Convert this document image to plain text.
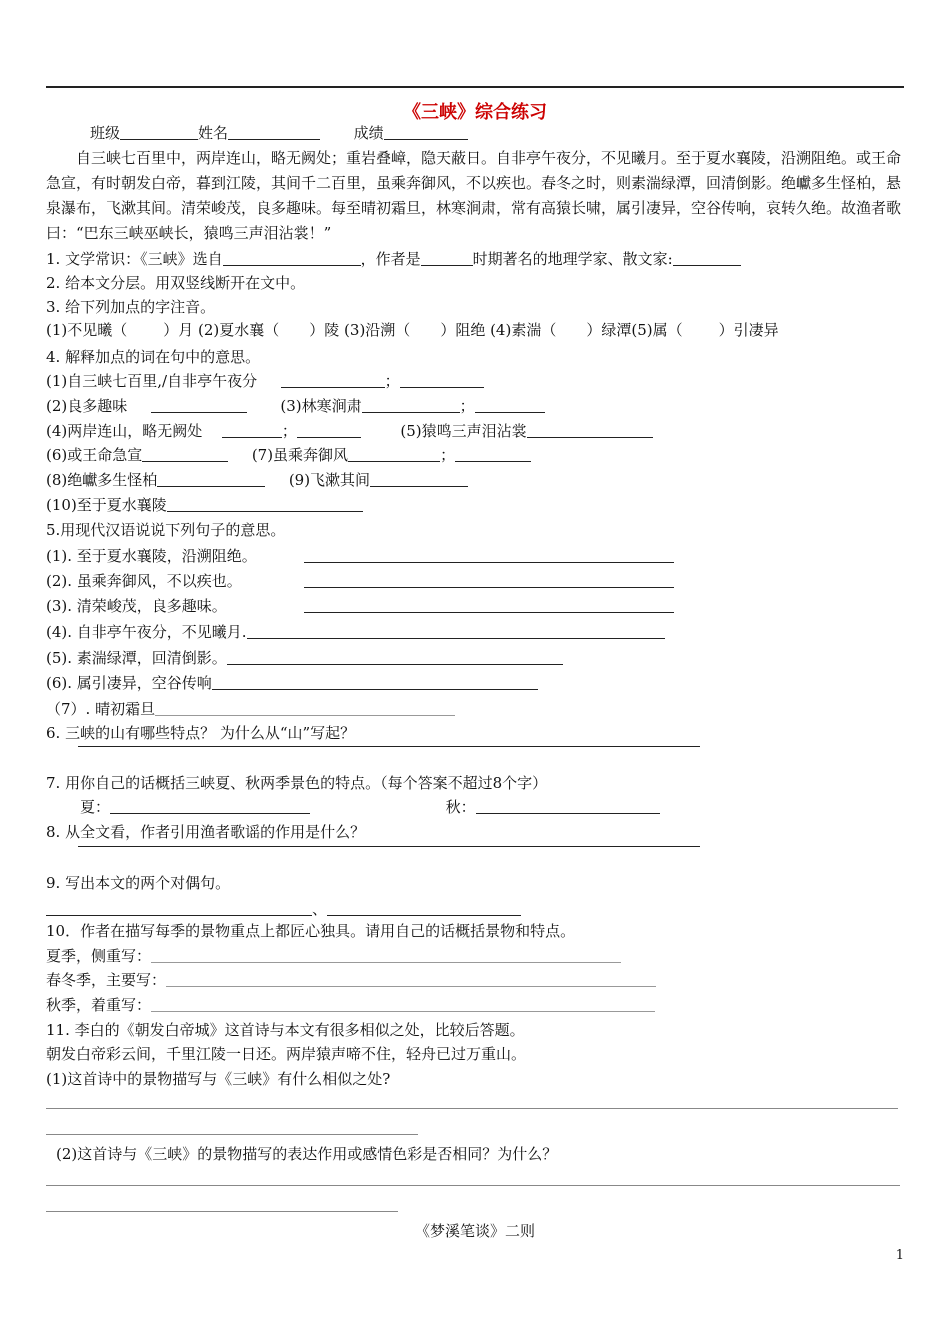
《三峡》综合练习
班级	姓名	成绩
自三峡七百里中，两岸连山，略无阙处；重岩叠嶂，隐天蔽日。自非亭午夜分，不见曦月。至于夏水襄陵，沿溯阻绝。或王命急宣，有时朝发白帝，暮到江陵，其间千二百里，虽乘奔御风，不以疾也。春冬之时，则素湍绿潭，回清倒影。绝巘多生怪柏，悬泉瀑布，飞漱其间。清荣峻茂，良多趣味。每至晴初霜旦，林寒涧肃，常有高猿长啸，属引凄异，空谷传响，哀转久绝。故渔者歌曰：“巴东三峡巫峡长，猿鸣三声泪沾裳！”
1. 文学常识：《三峡》选自	，作者是	时期著名的地理学家、散文家:
2. 给本文分层。用双竖线断开在文中。
3. 给下列加点的字注音。
(1)不见曦（ ）月 (2)夏水襄（ ）陵 (3)沿溯（ ）阻绝 (4)素湍（ ）绿潭(5)属（ ）引凄异
4. 解释加点的词在句中的意思。
(1)自三峡七百里,/自非亭午夜分	；
(2)良多趣味	(3)林寒涧肃	；
(4)两岸连山，略无阙处	；	(5)猿鸣三声泪沾裳
(6)或王命急宣	(7)虽乘奔御风	；
(8)绝巘多生怪柏	(9)飞漱其间
(10)至于夏水襄陵
5.用现代汉语说说下列句子的意思。
(1). 至于夏水襄陵，沿溯阻绝。
(2). 虽乘奔御风，不以疾也。
(3). 清荣峻茂，良多趣味。
(4). 自非亭午夜分，不见曦月.
(5). 素湍绿潭，回清倒影。
(6). 属引凄异，空谷传响
（7）. 晴初霜旦
6. 三峡的山有哪些特点？ 为什么从“山”写起？
7. 用你自己的话概括三峡夏、秋两季景色的特点。（每个答案不超过8个字）
夏：	秋：
8. 从全文看，作者引用渔者歌谣的作用是什么？
9. 写出本文的两个对偶句。
、
10．作者在描写每季的景物重点上都匠心独具。请用自己的话概括景物和特点。
夏季，侧重写：
春冬季，主要写：
秋季，着重写：
11. 李白的《朝发白帝城》这首诗与本文有很多相似之处，比较后答题。
朝发白帝彩云间，千里江陵一日还。两岸猿声啼不住，轻舟已过万重山。
(1)这首诗中的景物描写与《三峡》有什么相似之处?
(2)这首诗与《三峡》的景物描写的表达作用或感情色彩是否相同？为什么？
《梦溪笔谈》二则
1
